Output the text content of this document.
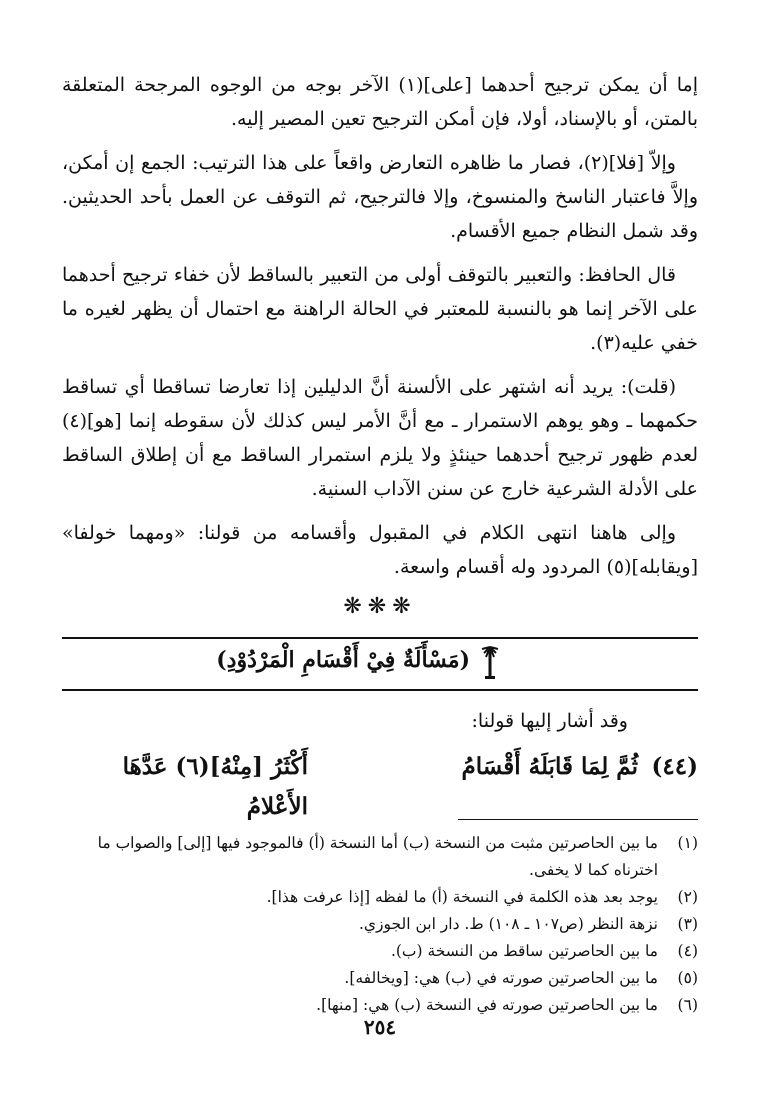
إما أن يمكن ترجيح أحدهما [على](١) الآخر بوجه من الوجوه المرجحة المتعلقة بالمتن، أو بالإسناد، أولا، فإن أمكن الترجيح تعين المصير إليه.

وإلاّ [فلا](٢)، فصار ما ظاهره التعارض واقعاً على هذا الترتيب: الجمع إن أمكن، وإلاَّ فاعتبار الناسخ والمنسوخ، وإلا فالترجيح، ثم التوقف عن العمل بأحد الحديثين. وقد شمل النظام جميع الأقسام.

قال الحافظ: والتعبير بالتوقف أولى من التعبير بالساقط لأن خفاء ترجيح أحدهما على الآخر إنما هو بالنسبة للمعتبر في الحالة الراهنة مع احتمال أن يظهر لغيره ما خفي عليه(٣).

(قلت): يريد أنه اشتهر على الألسنة أنَّ الدليلين إذا تعارضا تساقطا أي تساقط حكمهما ـ وهو يوهم الاستمرار ـ مع أنَّ الأمر ليس كذلك لأن سقوطه إنما [هو](٤) لعدم ظهور ترجيح أحدهما حينئذٍ ولا يلزم استمرار الساقط مع أن إطلاق الساقط على الأدلة الشرعية خارج عن سنن الآداب السنية.

وإلى هاهنا انتهى الكلام في المقبول وأقسامه من قولنا: «ومهما خولفا» [ويقابله](٥) المردود وله أقسام واسعة.

❋❋❋
(مَسْأَلَةٌ فِيْ أَقْسَامِ الْمَرْدُوْدِ)

وقد أشار إليها قولنا:

(٤٤)
ثُمَّ لِمَا قَابَلَهُ أَقْسَامُ
أَكْثَرُ [مِنْهُ](٦) عَدَّهَا الأَعْلامُ
(١)
ما بين الحاصرتين مثبت من النسخة (ب) أما النسخة (أ) فالموجود فيها [إلى] والصواب ما اخترناه كما لا يخفى.
(٢)
يوجد بعد هذه الكلمة في النسخة (أ) ما لفظه [إذا عرفت هذا].
(٣)
نزهة النظر (ص١٠٧ ـ ١٠٨) ط. دار ابن الجوزي.
(٤)
ما بين الحاصرتين ساقط من النسخة (ب).
(٥)
ما بين الحاصرتين صورته في (ب) هي: [ويخالفه].
(٦)
ما بين الحاصرتين صورته في النسخة (ب) هي: [منها].
٢٥٤
